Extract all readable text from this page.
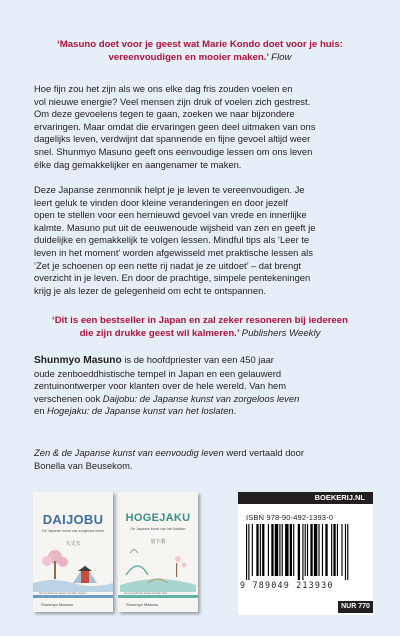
‘Masuno doet voor je geest wat Marie Kondo doet voor je huis:
vereenvoudigen en mooier maken.’ Flow
Hoe fijn zou het zijn als we ons elke dag fris zouden voelen en
vol nieuwe energie? Veel mensen zijn druk of voelen zich gestrest.
Om deze gevoelens tegen te gaan, zoeken we naar bijzondere
ervaringen. Maar omdat die ervaringen geen deel uitmaken van ons
dagelijks leven, verdwijnt dat spannende en fijne gevoel altijd weer
snel. Shunmyo Masuno geeft ons eenvoudige lessen om ons leven
élke dag gemakkelijker en aangenamer te maken.
Deze Japanse zenmonnik helpt je je leven te vereenvoudigen. Je
leert geluk te vinden door kleine veranderingen en door jezelf
open te stellen voor een hernieuwd gevoel van vrede en innerlijke
kalmte. Masuno put uit de eeuwenoude wijsheid van zen en geeft je
duidelijke en gemakkelijk te volgen lessen. Mindful tips als ‘Leer te
leven in het moment’ worden afgewisseld met praktische lessen als
‘Zet je schoenen op een nette rij nadat je ze uitdoet’ – dat brengt
overzicht in je leven. En door de prachtige, simpele pentekeningen
krijg je als lezer de gelegenheid om echt te ontspannen.
‘Dit is een bestseller in Japan en zal zeker resoneren bij iedereen
die zijn drukke geest wil kalmeren.’ Publishers Weekly
Shunmyo Masuno is de hoofdpriester van een 450 jaar
oude zenboeddhistische tempel in Japan en een gelauwerd
zentuinontwerper voor klanten over de hele wereld. Van hem
verschenen ook Daijobu: de Japanse kunst van zorgeloos leven
en Hogejaku: de Japanse kunst van het loslaten.
Zen & de Japanse kunst van eenvoudig leven werd vertaald door
Bonella van Beusekom.
DAIJOBU
De Japanse kunst van zorgeloos leven
大丈夫
Gun jezelf een leven zonder zorgen
Shunmyo Masuno
HOGEJAKU
De Japanse kunst van het loslaten
放下着
Gun jezelf een leven zonder last
Shunmyo Masuno
BOEKERIJ.NL
ISBN 978-90-492-1393-0
9 789049 213930
NUR 770
